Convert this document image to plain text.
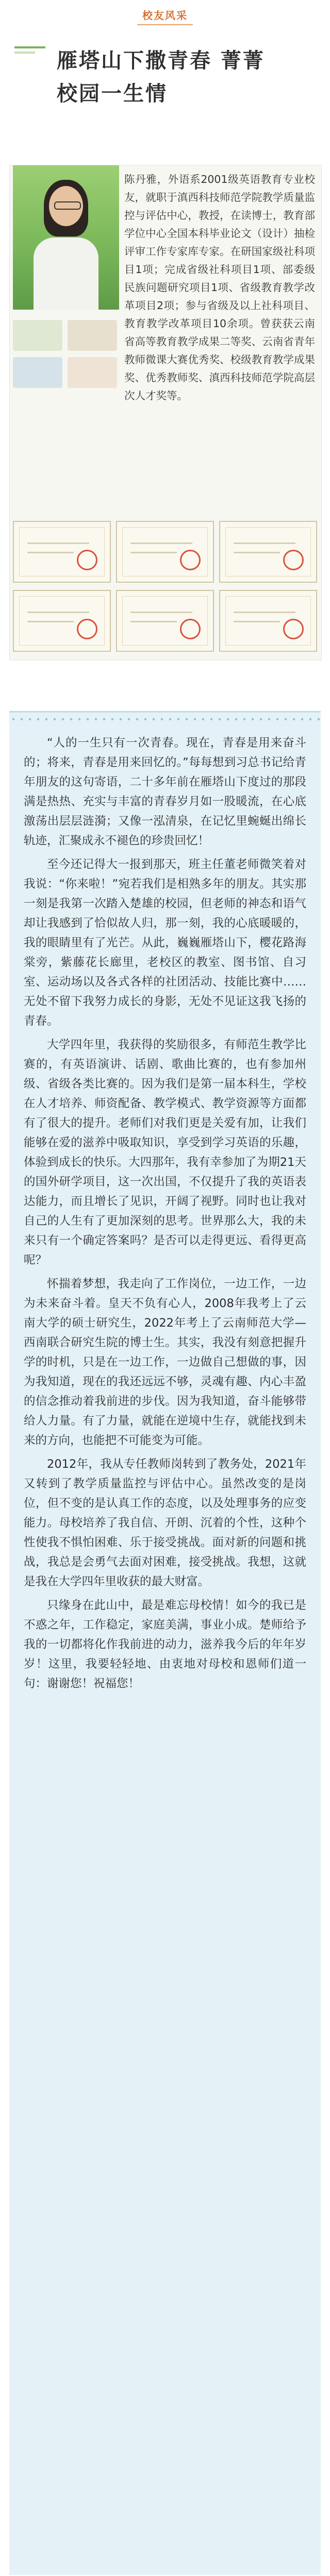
校友风采
雁塔山下撒青春 菁菁
校园一生情
陈丹雅，外语系2001级英语教育专业校友，就职于滇西科技师范学院教学质量监控与评估中心，教授，在读博士，教育部学位中心全国本科毕业论文（设计）抽检评审工作专家库专家。在研国家级社科项目1项；完成省级社科项目1项、部委级民族问题研究项目1项、省级教育教学改革项目2项；参与省级及以上社科项目、教育教学改革项目10余项。曾获获云南省高等教育教学成果二等奖、云南省青年教师微课大赛优秀奖、校级教育教学成果奖、优秀教师奖、滇西科技师范学院高层次人才奖等。

“人的一生只有一次青春。现在，青春是用来奋斗的；将来，青春是用来回忆的。”每每想到习总书记给青年朋友的这句寄语，二十多年前在雁塔山下度过的那段满是热热、充实与丰富的青春岁月如一股暖流，在心底激荡出层层涟漪；又像一泓清泉，在记忆里蜿蜒出绵长轨迹，汇聚成永不褪色的珍贵回忆！

至今还记得大一报到那天，班主任董老师微笑着对我说：“你来啦！”宛若我们是相熟多年的朋友。其实那一刻是我第一次踏入楚雄的校园，但老师的神态和语气却让我感到了恰似故人归，那一刻，我的心底暖暖的，我的眼睛里有了光芒。从此，巍巍雁塔山下，樱花路海棠旁，紫藤花长廊里，老校区的教室、图书馆、自习室、运动场以及各式各样的社团活动、技能比赛中……无处不留下我努力成长的身影，无处不见证这我飞扬的青春。

大学四年里，我获得的奖励很多，有师范生教学比赛的，有英语演讲、话剧、歌曲比赛的，也有参加州级、省级各类比赛的。因为我们是第一届本科生，学校在人才培养、师资配备、教学模式、教学资源等方面都有了很大的提升。老师们对我们更是关爱有加，让我们能够在爱的滋养中吸取知识，享受到学习英语的乐趣，体验到成长的快乐。大四那年，我有幸参加了为期21天的国外研学项目，这一次出国，不仅提升了我的英语表达能力，而且增长了见识，开阔了视野。同时也让我对自己的人生有了更加深刻的思考。世界那么大，我的未来只有一个确定答案吗？是否可以走得更远、看得更高呢？

怀揣着梦想，我走向了工作岗位，一边工作，一边为未来奋斗着。皇天不负有心人，2008年我考上了云南大学的硕士研究生，2022年考上了云南师范大学—西南联合研究生院的博士生。其实，我没有刻意把握升学的时机，只是在一边工作，一边做自己想做的事，因为我知道，现在的我还远远不够，灵魂有趣、内心丰盈的信念推动着我前进的步伐。因为我知道，奋斗能够带给人力量。有了力量，就能在逆境中生存，就能找到未来的方向，也能把不可能变为可能。

2012年，我从专任教师岗转到了教务处，2021年又转到了教学质量监控与评估中心。虽然改变的是岗位，但不变的是认真工作的态度，以及处理事务的应变能力。母校培养了我自信、开朗、沉着的个性，这种个性使我不惧怕困难、乐于接受挑战。面对新的问题和挑战，我总是会勇气去面对困难，接受挑战。我想，这就是我在大学四年里收获的最大财富。

只缘身在此山中，最是难忘母校情！如今的我已是不惑之年，工作稳定，家庭美满，事业小成。楚师给予我的一切都将化作我前进的动力，滋养我今后的年年岁岁！这里，我要轻轻地、由衷地对母校和恩师们道一句：谢谢您！祝福您！
